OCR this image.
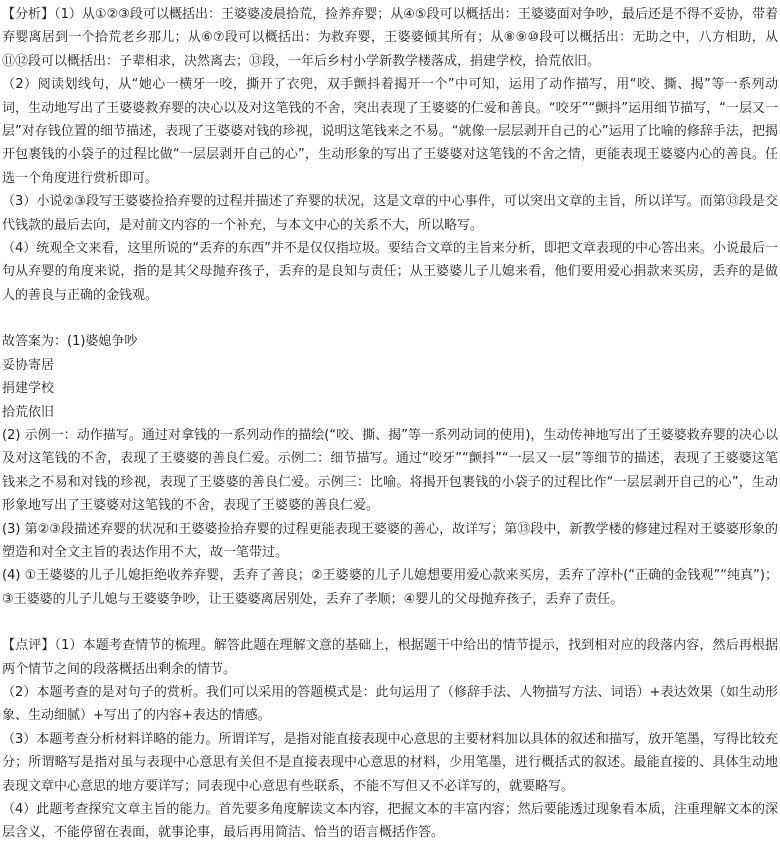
【分析】（1）从①②③段可以概括出：王婆婆凌晨拾荒，捡养弃婴；从④⑤段可以概括出：王婆婆面对争吵，最后还是不得不妥协，带着弃婴离居到一个拾荒老乡那儿；从⑥⑦段可以概括出：为救弃婴，王婆婆倾其所有；从⑧⑨⑩段可以概括出：无助之中，八方相助，从⑪⑫段可以概括出：子辈相求，决然离去；⑬段，一年后乡村小学新教学楼落成，捐建学校，拾荒依旧。

（2）阅读划线句，从“她心一横牙一咬，撕开了衣兜，双手颤抖着揭开一个”中可知，运用了动作描写，用“咬、撕、揭”等一系列动词，生动地写出了王婆婆救弃婴的决心以及对这笔钱的不舍，突出表现了王婆婆的仁爱和善良。“咬牙”“颤抖”运用细节描写，“一层又一层”对存钱位置的细节描述，表现了王婆婆对钱的珍视，说明这笔钱来之不易。“就像一层层剥开自己的心”运用了比喻的修辞手法，把揭开包裹钱的小袋子的过程比做“一层层剥开自己的心”，生动形象的写出了王婆婆对这笔钱的不舍之情，更能表现王婆婆内心的善良。任选一个角度进行赏析即可。

（3）小说②③段写王婆婆捡拾弃婴的过程并描述了弃婴的状况，这是文章的中心事件，可以突出文章的主旨，所以详写。而第⑬段是交代钱款的最后去向，是对前文内容的一个补充，与本文中心的关系不大，所以略写。

（4）统观全文来看，这里所说的“丢弃的东西”并不是仅仅指垃圾。要结合文章的主旨来分析，即把文章表现的中心答出来。小说最后一句从弃婴的角度来说，指的是其父母抛弃孩子，丢弃的是良知与责任；从王婆婆儿子儿媳来看，他们要用爱心捐款来买房，丢弃的是做人的善良与正确的金钱观。

故答案为：(1)婆媳争吵

妥协寄居

捐建学校

拾荒依旧

(2) 示例一：动作描写。通过对拿钱的一系列动作的描绘(“咬、撕、揭”等一系列动词的使用)，生动传神地写出了王婆婆救弃婴的决心以及对这笔钱的不舍，表现了王婆婆的善良仁爱。示例二：细节描写。通过“咬牙”“颤抖”“一层又一层”等细节的描述，表现了王婆婆这笔钱来之不易和对钱的珍视，表现了王婆婆的善良仁爱。示例三：比喻。将揭开包裹钱的小袋子的过程比作“一层层剥开自己的心”，生动形象地写出了王婆婆对这笔钱的不舍，表现了王婆婆的善良仁爱。

(3) 第②③段描述弃婴的状况和王婆婆捡拾弃婴的过程更能表现王婆婆的善心，故详写；第⑬段中，新教学楼的修建过程对王婆婆形象的塑造和对全文主旨的表达作用不大，故一笔带过。

(4) ①王婆婆的儿子儿媳拒绝收养弃婴，丢弃了善良；②王婆婆的儿子儿媳想要用爱心款来买房，丢弃了淳朴(“正确的金钱观”“纯真”)；③王婆婆的儿子儿媳与王婆婆争吵，让王婆婆离居别处，丢弃了孝顺；④婴儿的父母抛弃孩子，丢弃了责任。

【点评】（1）本题考查情节的梳理。解答此题在理解文意的基础上，根据题干中给出的情节提示，找到相对应的段落内容，然后再根据两个情节之间的段落概括出剩余的情节。

（2）本题考查的是对句子的赏析。我们可以采用的答题模式是：此句运用了（修辞手法、人物描写方法、词语）+表达效果（如生动形象、生动细腻）+写出了的内容+表达的情感。

（3）本题考查分析材料详略的能力。所谓详写，是指对能直接表现中心意思的主要材料加以具体的叙述和描写，放开笔墨，写得比较充分；所谓略写是指对虽与表现中心意思有关但不是直接表现中心意思的材料，少用笔墨，进行概括式的叙述。最能直接的、具体生动地表现文章中心意思的地方要详写；同表现中心意思有些联系，不能不写但又不必详写的，就要略写。

（4）此题考查探究文章主旨的能力。首先要多角度解读文本内容，把握文本的丰富内容；然后要能透过现象看本质，注重理解文本的深层含义，不能停留在表面，就事论事，最后再用简洁、恰当的语言概括作答。
